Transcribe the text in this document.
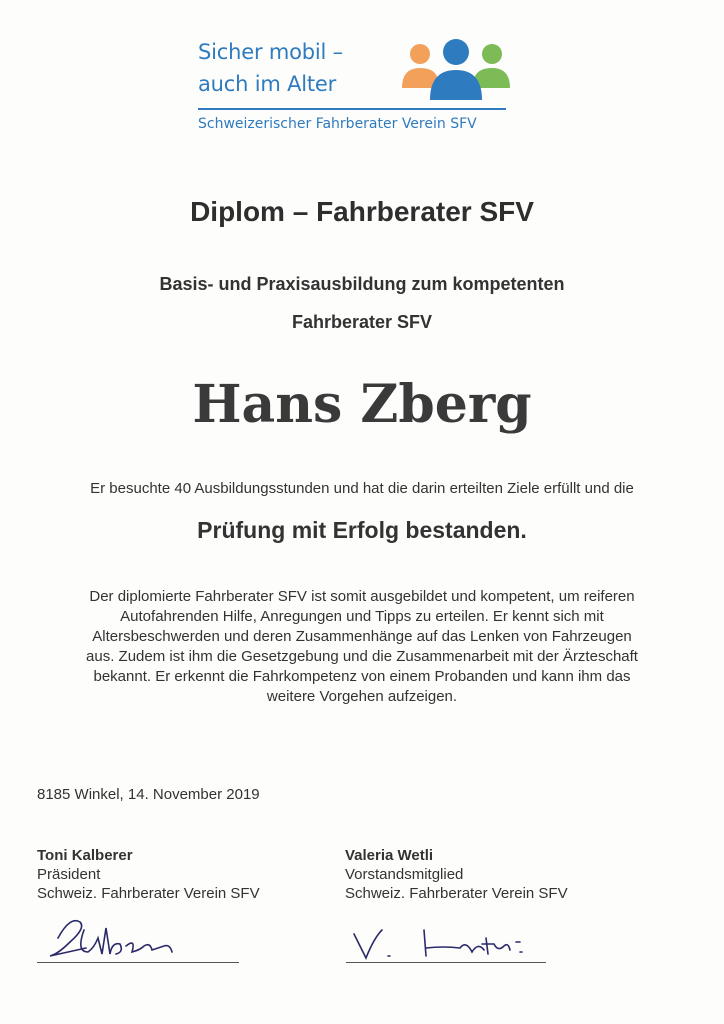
Sicher mobil –
auch im Alter
Schweizerischer Fahrberater Verein SFV
Diplom – Fahrberater SFV
Basis- und Praxisausbildung zum kompetenten
Fahrberater SFV
Hans Zberg
Er besuchte 40 Ausbildungsstunden und hat die darin erteilten Ziele erfüllt und die
Prüfung mit Erfolg bestanden.
Der diplomierte Fahrberater SFV ist somit ausgebildet und kompetent, um reiferen
Autofahrenden Hilfe, Anregungen und Tipps zu erteilen. Er kennt sich mit
Altersbeschwerden und deren Zusammenhänge auf das Lenken von Fahrzeugen
aus. Zudem ist ihm die Gesetzgebung und die Zusammenarbeit mit der Ärzteschaft
bekannt. Er erkennt die Fahrkompetenz von einem Probanden und kann ihm das
weitere Vorgehen aufzeigen.
8185 Winkel, 14. November 2019
Toni Kalberer
Präsident
Schweiz. Fahrberater Verein SFV
Valeria Wetli
Vorstandsmitglied
Schweiz. Fahrberater Verein SFV
